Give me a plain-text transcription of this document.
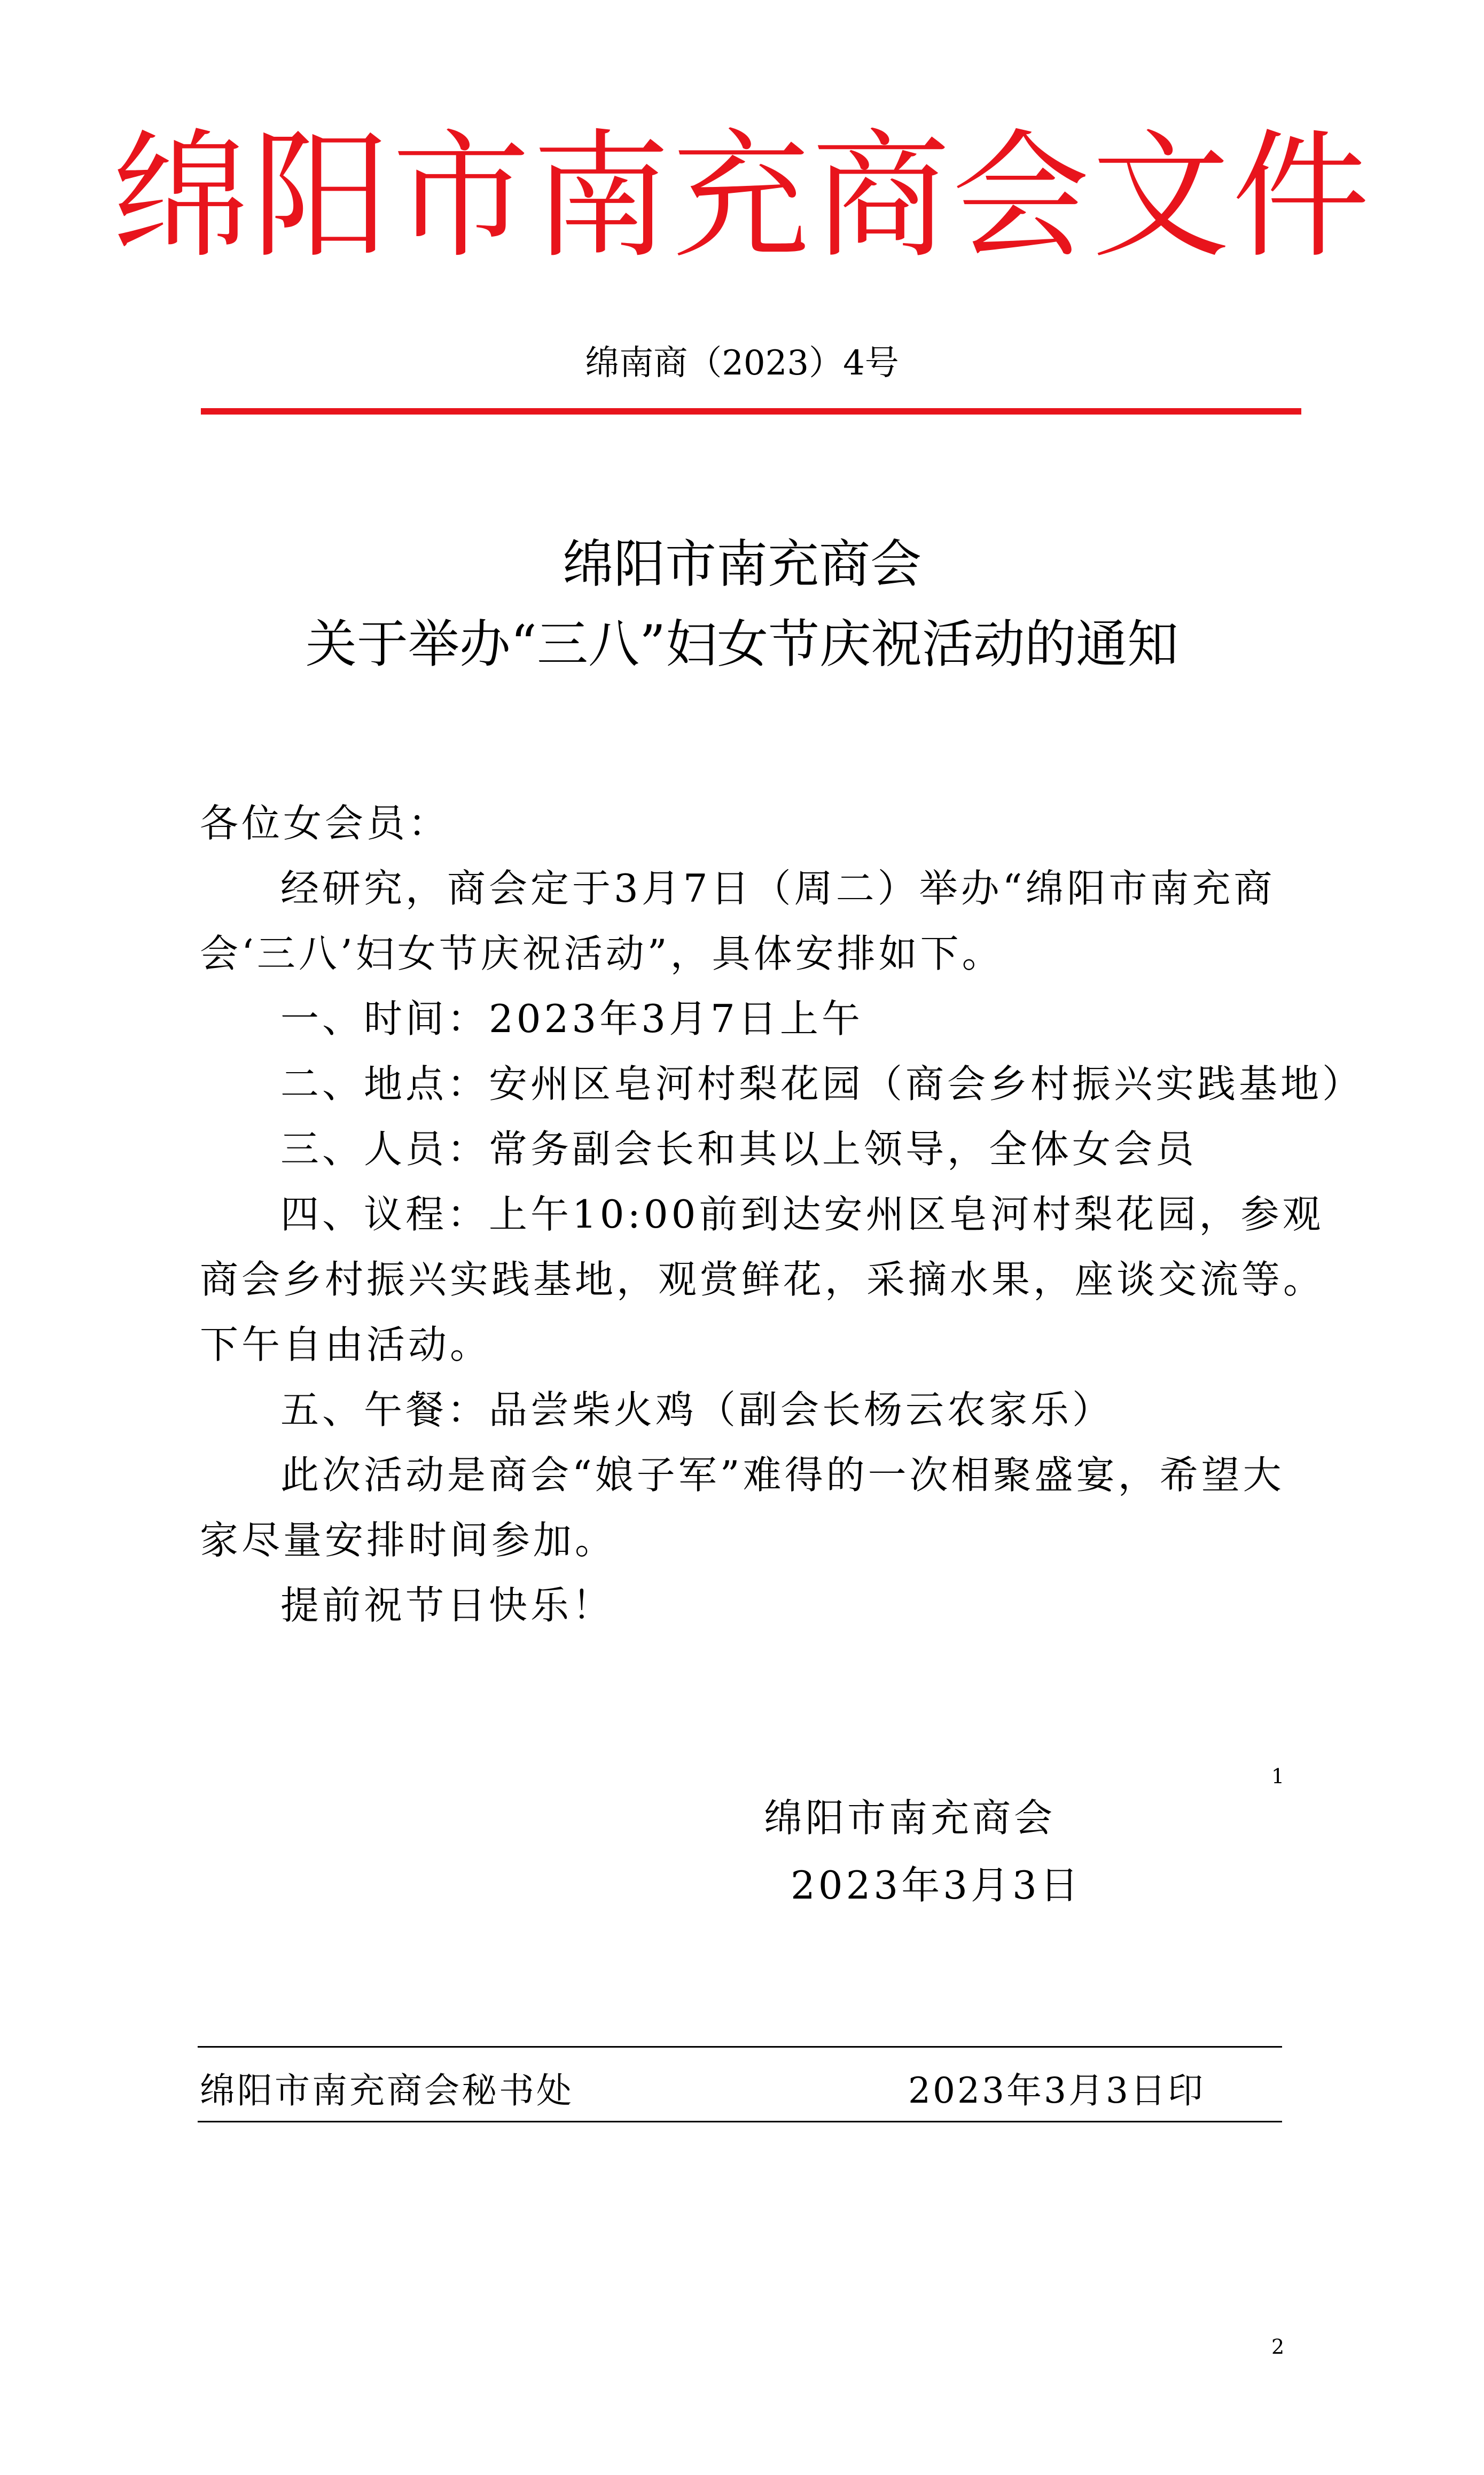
绵阳市南充商会文件
绵南商（2023）4号
绵阳市南充商会
关于举办“三八”妇女节庆祝活动的通知
各位女会员：
经研究，商会定于3月7日（周二）举办“绵阳市南充商
会‘三八’妇女节庆祝活动”，具体安排如下。
一、时间：2023年3月7日上午
二、地点：安州区皂河村梨花园（商会乡村振兴实践基地）
三、人员：常务副会长和其以上领导，全体女会员
四、议程：上午10:00前到达安州区皂河村梨花园，参观
商会乡村振兴实践基地，观赏鲜花，采摘水果，座谈交流等。
下午自由活动。
五、午餐：品尝柴火鸡（副会长杨云农家乐）
此次活动是商会“娘子军”难得的一次相聚盛宴，希望大
家尽量安排时间参加。
提前祝节日快乐！
1
绵阳市南充商会
2023年3月3日
绵阳市南充商会秘书处	2023年3月3日印
2
